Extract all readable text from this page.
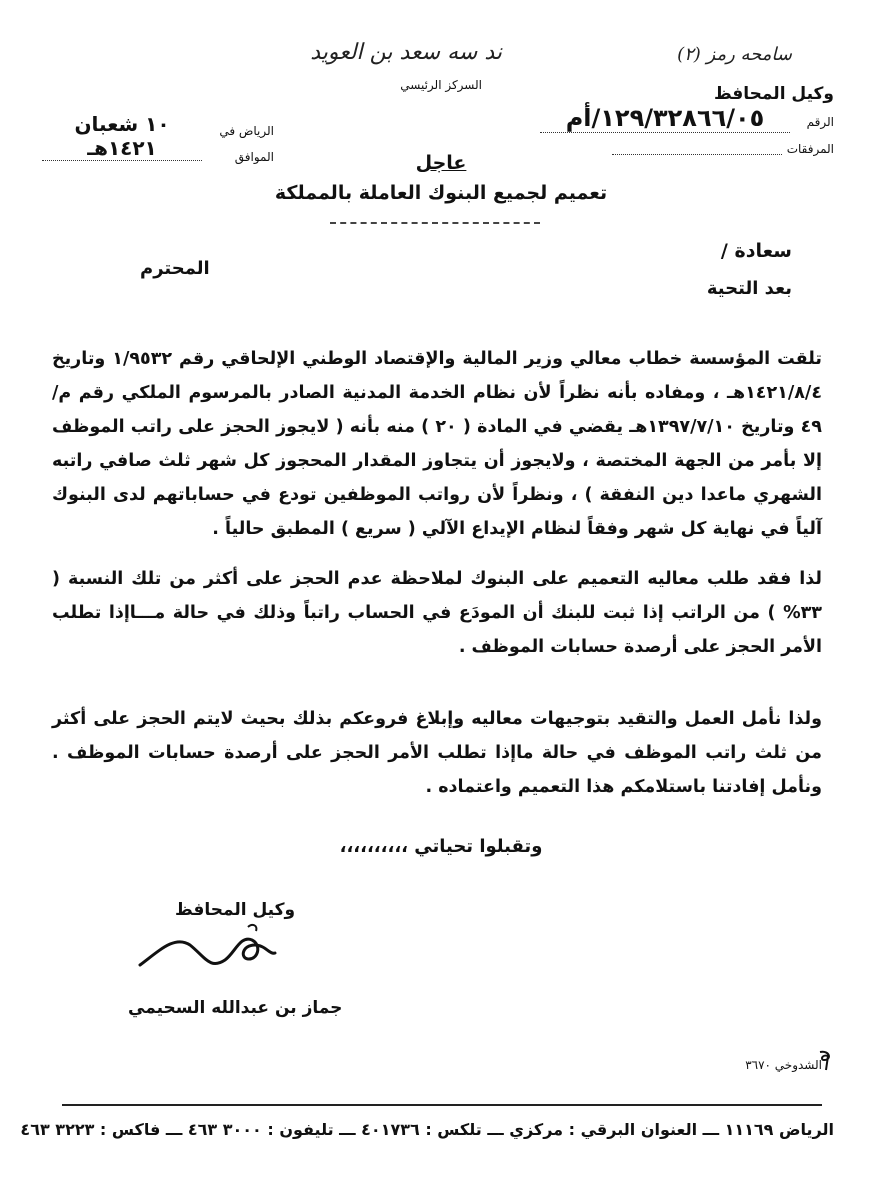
ند سه سعد بن العويد
السركز الرئيسي
سامحه رمز (٢)
وكيل المحافظ
الرقم
١٢٩/٣٢٨٦٦/٠٥/أم
المرفقات
الرياض في
١٠ شعبان ١٤٢١هـ	الموافق	عاجل
تعميم لجميع البنوك العاملة بالمملكة
سعادة /
المحترم
بعد التحية

تلقت المؤسسة خطاب معالي وزير المالية والإقتصاد الوطني الإلحاقي رقم ١/٩٥٣٢ وتاريخ ١٤٢١/٨/٤هـ ، ومفاده بأنه نظراً لأن نظام الخدمة المدنية الصادر بالمرسوم الملكي رقم م/٤٩ وتاريخ ١٣٩٧/٧/١٠هـ يقضي في المادة ( ٢٠ ) منه بأنه ( لايجوز الحجز على راتب الموظف إلا بأمر من الجهة المختصة ، ولايجوز أن يتجاوز المقدار المحجوز كل شهر ثلث صافي راتبه الشهري ماعدا دين النفقة ) ، ونظراً لأن رواتب الموظفين تودع في حساباتهم لدى البنوك آلياً في نهاية كل شهر وفقاً لنظام الإيداع الآلي ( سريع ) المطبق حالياً .

لذا فقد طلب معاليه التعميم على البنوك لملاحظة عدم الحجز على أكثر من تلك النسبة ( ٣٣% ) من الراتب إذا ثبت للبنك أن المودَع في الحساب راتباً وذلك في حالة مـــاإذا تطلب الأمر الحجز على أرصدة حسابات الموظف .

ولذا نأمل العمل والتقيد بتوجيهات معاليه وإبلاغ فروعكم بذلك بحيث لايتم الحجز على أكثر من ثلث راتب الموظف في حالة ماإذا تطلب الأمر الحجز على أرصدة حسابات الموظف . ونأمل إفادتنا باستلامكم هذا التعميم واعتماده .

وتقبلوا تحياتي ،،،،،،،،،،
وكيل المحافظ
جماز بن عبدالله السحيمي
الشدوخي ٣٦٧٠
الرياض ١١١٦٩ ـــ العنوان البرقي : مركزي ـــ تلكس : ٤٠١٧٣٦ ـــ تليفون : ٣٠٠٠ ٤٦٣ ـــ فاكس : ٣٢٢٣ ٤٦٣
